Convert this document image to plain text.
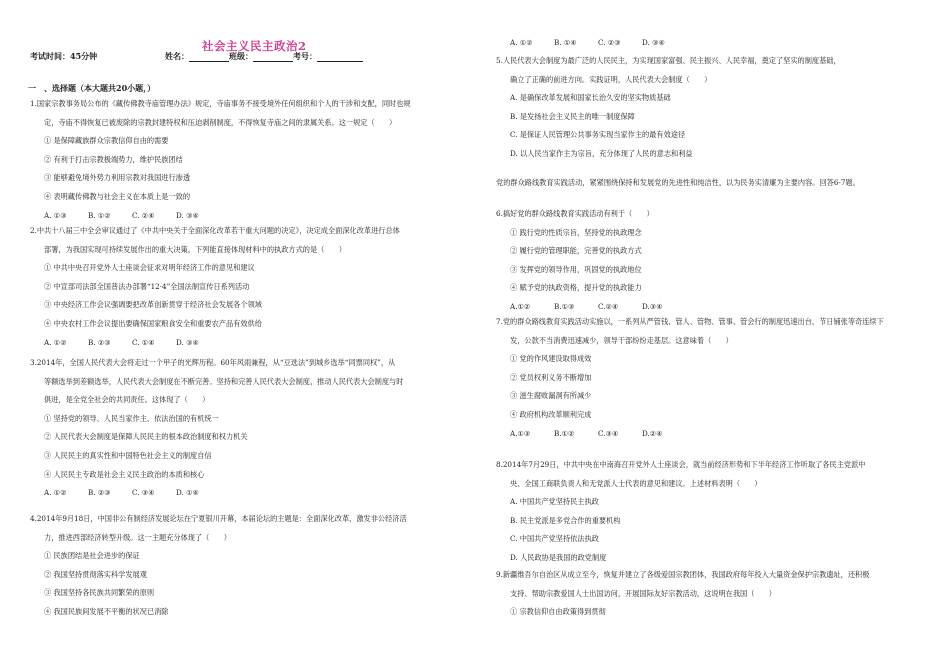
社会主义民主政治2
考试时间：45分钟	姓名：	班级：	考号：
一　、选择题（本大题共20小题，）
1.国家宗教事务局公布的《藏传佛教寺庙管理办法》规定，寺庙事务不接受境外任何组织和个人的干涉和支配，同时也规
定，寺庙不得恢复已被废除的宗教封建特权和压迫剥削制度，不得恢复寺庙之间的隶属关系。这一规定（　　）
① 是保障藏族群众宗教信仰自由的需要
② 有利于打击宗教极端势力，维护民族团结
③ 能够避免境外势力利用宗教对我国进行渗透
④ 表明藏传佛教与社会主义在本质上是一致的
A. ①③	B. ①②	C. ②④	D. ③④
2.中共十八届三中全会审议通过了《中共中央关于全面深化改革若干重大问题的决定》，决定成全面深化改革进行总体
部署，为我国实现可持续发展作出的重大决策。下列能直接体现材料中的执政方式的是（　　）
① 中共中央召开党外人士座谈会征求对明年经济工作的意见和建议
② 中宣部司法部全国普法办部署“12·4”全国法制宣传日系列活动
③ 中央经济工作会议强调要把改革创新贯穿于经济社会发展各个领域
④ 中央农村工作会议提出要确保国家粮食安全和重要农产品有效供给
A. ①②	B. ②③	C. ①④	D. ③④
3.2014年，全国人民代表大会将走过一个甲子的光辉历程。60年风雨兼程，从“豆选法”到城乡选举“同票同权”，从
等额选举到差额选举，人民代表大会制度在不断完善。坚持和完善人民代表大会制度，推动人民代表大会制度与时
俱进，是全党全社会的共同责任。这体现了（　　）
① 坚持党的领导、人民当家作主、依法治国的有机统一
② 人民代表大会制度是保障人民民主的根本政治制度和权力机关
③ 人民民主的真实性和中国特色社会主义的制度自信
④ 人民民主专政是社会主义民主政治的本质和核心
A. ①②	B. ②③	C. ③④	D. ①④
4.2014年9月18日，中国非公有制经济发展论坛在宁夏银川开幕，本届论坛的主题是：全面深化改革，激发非公经济活
力，推进西部经济转型升级。这一主题充分体现了（　　）
① 民族团结是社会进步的保证
② 我国坚持贯彻落实科学发展观
③ 我国坚持各民族共同繁荣的原则
④ 我国民族间发展不平衡的状况已消除
A. ①②	B. ①④	C. ②③	D. ③④
5.人民代表大会制度为最广泛的人民民主，为实现国家富强、民主振兴、人民幸福，奠定了坚实的制度基础，
确立了正确的前进方向。实践证明，人民代表大会制度（　　）
A. 是确保改革发展和国家长治久安的坚实物质基础
B. 是发扬社会主义民主的唯一制度保障
C. 是保证人民管理公共事务实现当家作主的最有效途径
D. 以人民当家作主为宗旨，充分体现了人民的意志和利益
党的群众路线教育实践活动，紧紧围绕保持和发展党的先进性和纯洁性，以为民务实清廉为主要内容。回答6-7题。
6.搞好党的群众路线教育实践活动有利于（　　）
① 践行党的性质宗旨，坚持党的执政理念
② 履行党的管理职能，完善党的执政方式
③ 发挥党的领导作用，巩固党的执政地位
④ 赋予党的执政资格，提升党的执政能力
A.①②	B.①③	C.②④	D.③④
7.党的群众路线教育实践活动实施以，一系列从严管钱、管人、管物、管事、管会行的制度迅速出台，节日铺张等奇连续下
发，公款不当消费迅速减少，领导干部纷纷走基层。这意味着（　　）
① 党的作风建设取得成效
② 党员权利义务不断增加
③ 滋生腐败漏洞有所减少
④ 政府机构改革顺利完成
A.①③	B.①②	C.③④	D.②④
8.2014年7月29日，中共中央在中南海召开党外人士座谈会，就当前经济形势和下半年经济工作听取了各民主党派中
央、全国工商联负责人和无党派人士代表的意见和建议。上述材料表明（　　）
A. 中国共产党坚持民主执政
B. 民主党派是多党合作的重要机构
C. 中国共产党坚持依法执政
D. 人民政协是我国的政党制度
9.新疆维吾尔自治区从成立至今，恢复并建立了各级爱国宗教团体，我国政府每年投入大量资金保护宗教遗址，还积极
支持、帮助宗教爱国人士出国访问，开展国际友好宗教活动，这说明在我国（　　）
① 宗教信仰自由政策得到贯彻
